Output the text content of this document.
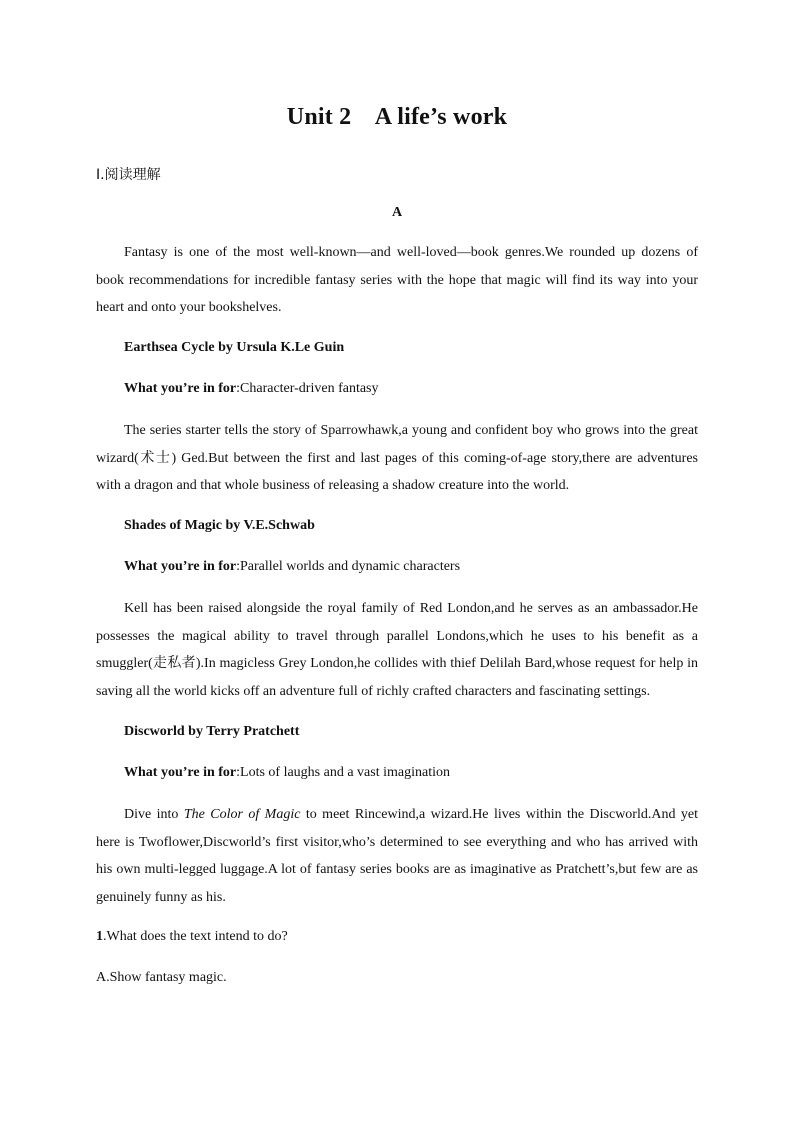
Unit 2    A life’s work
Ⅰ.阅读理解
A
Fantasy is one of the most well-known—and well-loved—book genres.We rounded up dozens of book recommendations for incredible fantasy series with the hope that magic will find its way into your heart and onto your bookshelves.
Earthsea Cycle by Ursula K.Le Guin
What you’re in for:Character-driven fantasy
The series starter tells the story of Sparrowhawk,a young and confident boy who grows into the great wizard(术士) Ged.But between the first and last pages of this coming-of-age story,there are adventures with a dragon and that whole business of releasing a shadow creature into the world.
Shades of Magic by V.E.Schwab
What you’re in for:Parallel worlds and dynamic characters
Kell has been raised alongside the royal family of Red London,and he serves as an ambassador.He possesses the magical ability to travel through parallel Londons,which he uses to his benefit as a smuggler(走私者).In magicless Grey London,he collides with thief Delilah Bard,whose request for help in saving all the world kicks off an adventure full of richly crafted characters and fascinating settings.
Discworld by Terry Pratchett
What you’re in for:Lots of laughs and a vast imagination
Dive into The Color of Magic to meet Rincewind,a wizard.He lives within the Discworld.And yet here is Twoflower,Discworld’s first visitor,who’s determined to see everything and who has arrived with his own multi-legged luggage.A lot of fantasy series books are as imaginative as Pratchett’s,but few are as genuinely funny as his.
1.What does the text intend to do?
A.Show fantasy magic.
